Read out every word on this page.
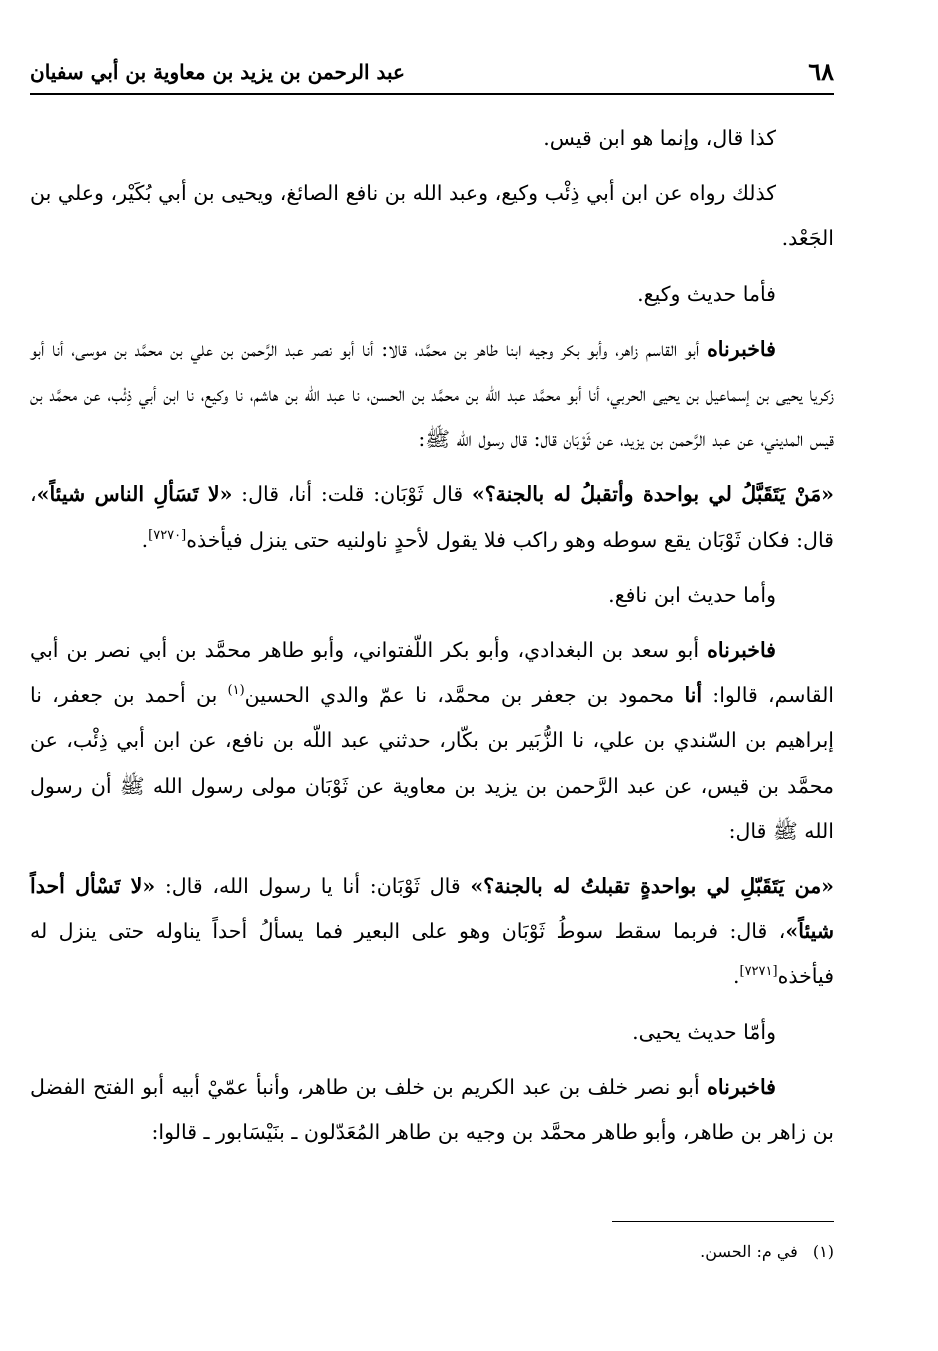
٦٨
عبد الرحمن بن يزيد بن معاوية بن أبي سفيان

كذا قال، وإنما هو ابن قيس.

كذلك رواه عن ابن أبي ذِئْب وكيع، وعبد الله بن نافع الصائغ، ويحيى بن أبي بُكَيْر، وعلي بن الجَعْد.

فأما حديث وكيع.

فاخبرناه أبو القاسم زاهر، وأبو بكر وجيه ابنا طاهر بن محمَّد، قالا: أنا أبو نصر عبد الرَّحمن بن علي بن محمَّد بن موسى، أنا أبو زكريا يحيى بن إسماعيل بن يحيى الحربي، أنا أبو محمَّد عبد الله بن محمَّد بن الحسن، نا عبد الله بن هاشم، نا وكيع، نا ابن أبي ذِئْب، عن محمَّد بن قيس المديني، عن عبد الرَّحمن بن يزيد، عن ثَوْبَان قال: قال رسول الله ﷺ:

«مَنْ يَتَقَبَّلُ لي بواحدة وأتقبلُ له بالجنة؟» قال ثَوْبَان: قلت: أنا، قال: «لا تَسَألِ الناس شيئاً»، قال: فكان ثَوْبَان يقع سوطه وهو راكب فلا يقول لأحدٍ ناولنيه حتى ينزل فيأخذه[٧٢٧٠].

وأما حديث ابن نافع.

فاخبرناه أبو سعد بن البغدادي، وأبو بكر اللّفتواني، وأبو طاهر محمَّد بن أبي نصر بن أبي القاسم، قالوا: أنا محمود بن جعفر بن محمَّد، نا عمّ والدي الحسين$^{(١)}$ بن أحمد بن جعفر، نا إبراهيم بن السّندي بن علي، نا الزُّبَير بن بكّار، حدثني عبد اللّه بن نافع، عن ابن أبي ذِئْب، عن محمَّد بن قيس، عن عبد الرَّحمن بن يزيد بن معاوية عن ثَوْبَان مولى رسول الله ﷺ أن رسول الله ﷺ قال:

«من يَتَقَبّلِ لي بواحدةٍ تقبلتُ له بالجنة؟» قال ثَوْبَان: أنا يا رسول الله، قال: «لا تَسْأل أحداً شيئاً»، قال: فربما سقط سوطُ ثَوْبَان وهو على البعير فما يسألُ أحداً يناوله حتى ينزل له فيأخذه[٧٢٧١].

وأمّا حديث يحيى.

فاخبرناه أبو نصر خلف بن عبد الكريم بن خلف بن طاهر، وأنبأ عمّيْ أبيه أبو الفتح الفضل بن زاهر بن طاهر، وأبو طاهر محمَّد بن وجيه بن طاهر المُعَدّلون ـ بنَيْسَابور ـ قالوا:

(١) في م: الحسن.
